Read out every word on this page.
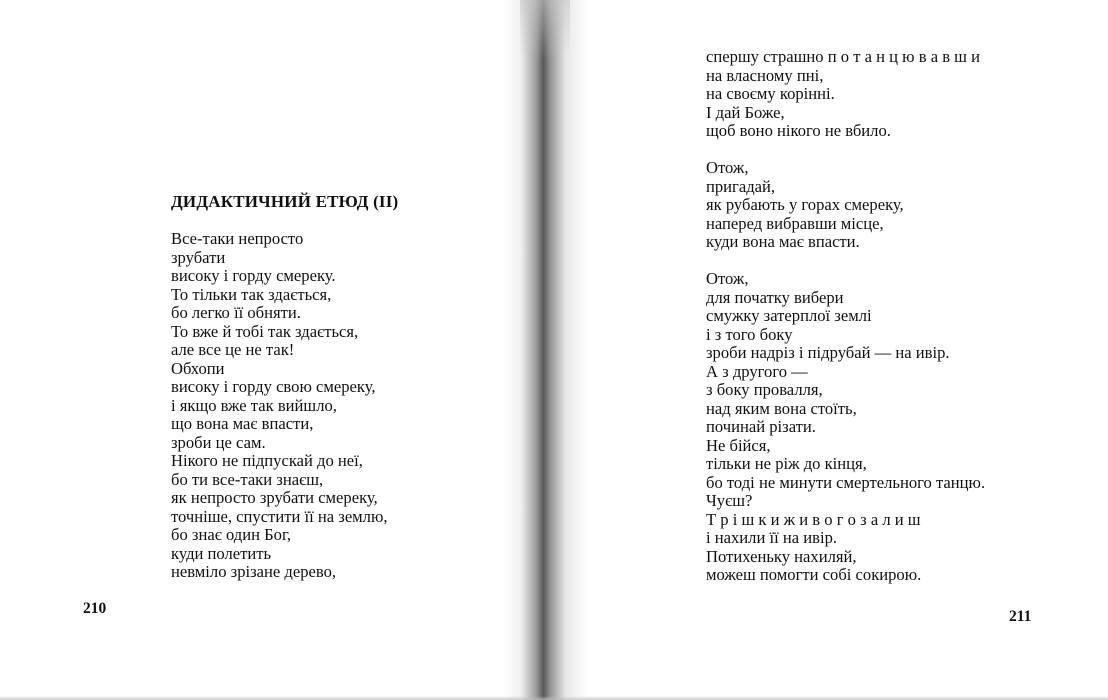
ДИДАКТИЧНИЙ ЕТЮД (II)
Все-таки непросто
зрубати
високу і горду смереку.
То тільки так здається,
бо легко її обняти.
То вже й тобі так здається,
але все це не так!
Обхопи
високу і горду свою смереку,
і якщо вже так вийшло,
що вона має впасти,
зроби це сам.
Нікого не підпускай до неї,
бо ти все-таки знаєш,
як непросто зрубати смереку,
точніше, спустити її на землю,
бо знає один Бог,
куди полетить
невміло зрізане дерево,
210
спершу страшно п о т а н ц ю в а в ш и
на власному пні,
на своєму корінні.
І дай Боже,
щоб воно нікого не вбило.
Отож,
пригадай,
як рубають у горах смереку,
наперед вибравши місце,
куди вона має впасти.
Отож,
для початку вибери
смужку затерплої землі
і з того боку
зроби надріз і підрубай — на ивір.
А з другого —
з боку провалля,
над яким вона стоїть,
починай різати.
Не бійся,
тільки не ріж до кінця,
бо тоді не минути смертельного танцю.
Чуєш?
Т р і ш к и ж и в о г о з а л и ш
і нахили її на ивір.
Потихеньку нахиляй,
можеш помогти собі сокирою.
211
